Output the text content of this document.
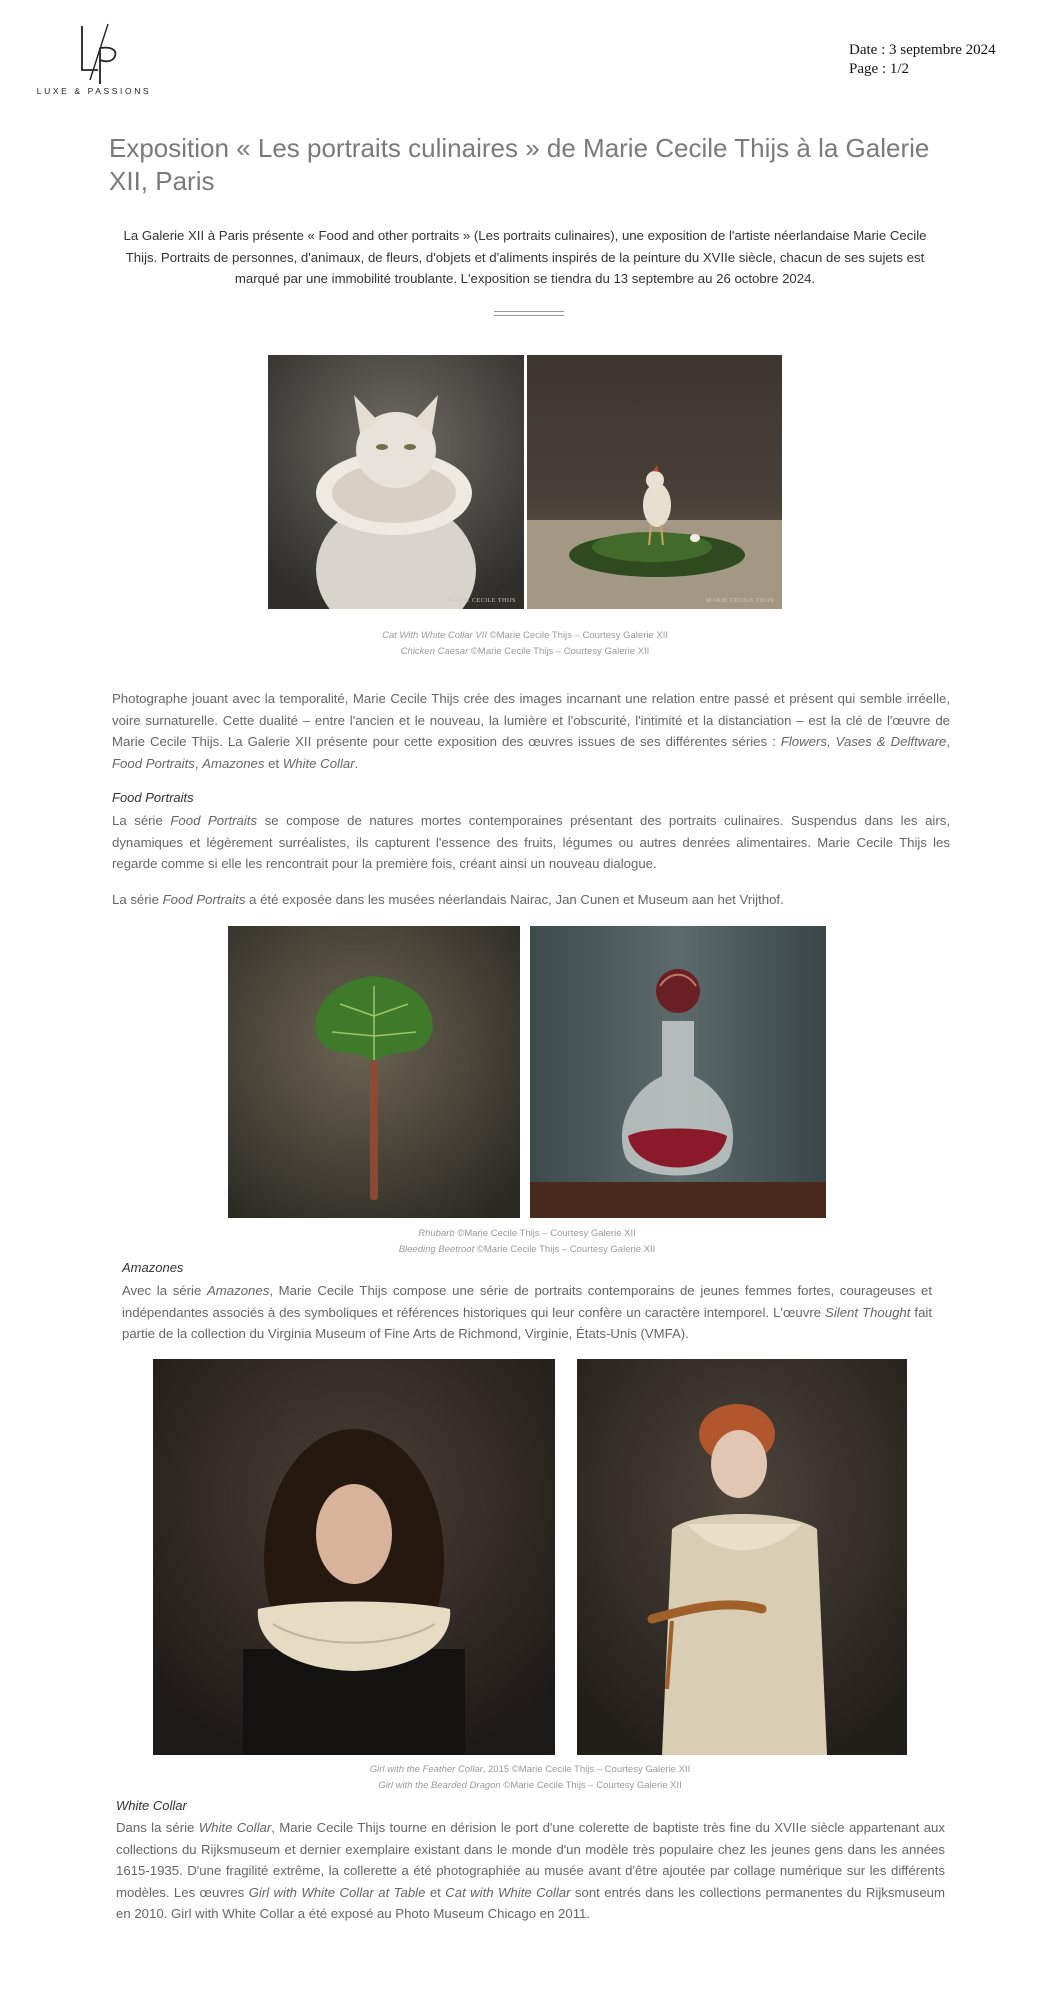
LUXE & PASSIONS
Date : 3 septembre 2024
Page : 1/2
Exposition « Les portraits culinaires » de Marie Cecile Thijs à la Galerie XII, Paris

La Galerie XII à Paris présente « Food and other portraits » (Les portraits culinaires), une exposition de l'artiste néerlandaise Marie Cecile Thijs. Portraits de personnes, d'animaux, de fleurs, d'objets et d'aliments inspirés de la peinture du XVIIe siècle, chacun de ses sujets est marqué par une immobilité troublante. L'exposition se tiendra du 13 septembre au 26 octobre 2024.

MARIE CECILE THIJS	MARIE CECILE THIJS
Cat With White Collar VII ©Marie Cecile Thijs – Courtesy Galerie XII
Chicken Caesar ©Marie Cecile Thijs – Courtesy Galerie XII

Photographe jouant avec la temporalité, Marie Cecile Thijs crée des images incarnant une relation entre passé et présent qui semble irréelle, voire surnaturelle. Cette dualité – entre l'ancien et le nouveau, la lumière et l'obscurité, l'intimité et la distanciation – est la clé de l'œuvre de Marie Cecile Thijs. La Galerie XII présente pour cette exposition des œuvres issues de ses différentes séries : Flowers, Vases & Delftware, Food Portraits, Amazones et White Collar.

Food Portraits

La série Food Portraits se compose de natures mortes contemporaines présentant des portraits culinaires. Suspendus dans les airs, dynamiques et légèrement surréalistes, ils capturent l'essence des fruits, légumes ou autres denrées alimentaires. Marie Cecile Thijs les regarde comme si elle les rencontrait pour la première fois, créant ainsi un nouveau dialogue.

La série Food Portraits a été exposée dans les musées néerlandais Nairac, Jan Cunen et Museum aan het Vrijthof.

Rhubarb ©Marie Cecile Thijs – Courtesy Galerie XII
Bleeding Beetroot ©Marie Cecile Thijs – Courtesy Galerie XII
Amazones

Avec la série Amazones, Marie Cecile Thijs compose une série de portraits contemporains de jeunes femmes fortes, courageuses et indépendantes associés à des symboliques et références historiques qui leur confère un caractère intemporel. L'œuvre Silent Thought fait partie de la collection du Virginia Museum of Fine Arts de Richmond, Virginie, États-Unis (VMFA).

Girl with the Feather Collar, 2015 ©Marie Cecile Thijs – Courtesy Galerie XII
Girl with the Bearded Dragon ©Marie Cecile Thijs – Courtesy Galerie XII
White Collar

Dans la série White Collar, Marie Cecile Thijs tourne en dérision le port d'une colerette de baptiste très fine du XVIIe siècle appartenant aux collections du Rijksmuseum et dernier exemplaire existant dans le monde d'un modèle très populaire chez les jeunes gens dans les années 1615-1935. D'une fragilité extrême, la collerette a été photographiée au musée avant d'être ajoutée par collage numérique sur les différents modèles. Les œuvres Girl with White Collar at Table et Cat with White Collar sont entrés dans les collections permanentes du Rijksmuseum en 2010. Girl with White Collar a été exposé au Photo Museum Chicago en 2011.
